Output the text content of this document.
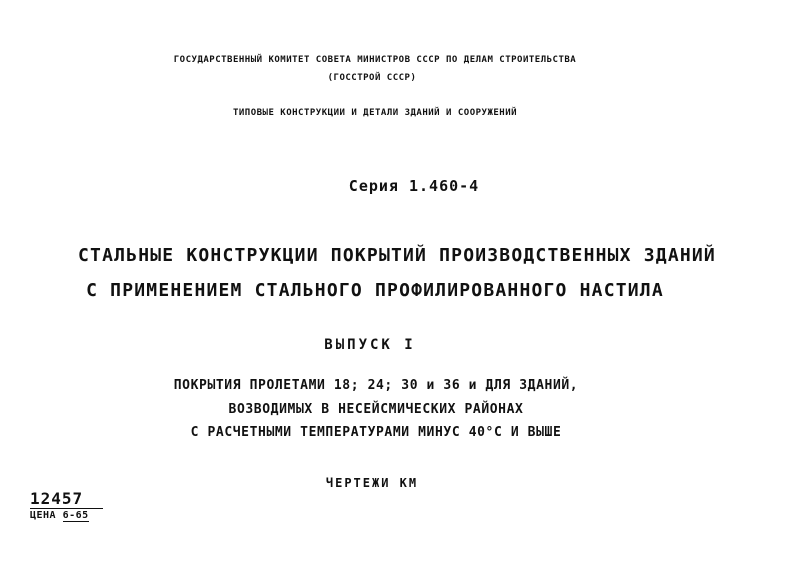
ГОСУДАРСТВЕННЫЙ КОМИТЕТ СОВЕТА МИНИСТРОВ СССР ПО ДЕЛАМ СТРОИТЕЛЬСТВА
(ГОССТРОЙ СССР)
ТИПОВЫЕ КОНСТРУКЦИИ И ДЕТАЛИ ЗДАНИЙ И СООРУЖЕНИЙ
Серия 1.460-4
СТАЛЬНЫЕ КОНСТРУКЦИИ ПОКРЫТИЙ ПРОИЗВОДСТВЕННЫХ ЗДАНИЙ
С ПРИМЕНЕНИЕМ СТАЛЬНОГО ПРОФИЛИРОВАННОГО НАСТИЛА
ВЫПУСК I
ПОКРЫТИЯ ПРОЛЕТАМИ 18; 24; 30 и 36 и ДЛЯ ЗДАНИЙ,
ВОЗВОДИМЫХ В НЕСЕЙСМИЧЕСКИХ РАЙОНАХ
С РАСЧЕТНЫМИ ТЕМПЕРАТУРАМИ МИНУС 40°С И ВЫШЕ
ЧЕРТЕЖИ КМ
12457
ЦЕНА 6-65
